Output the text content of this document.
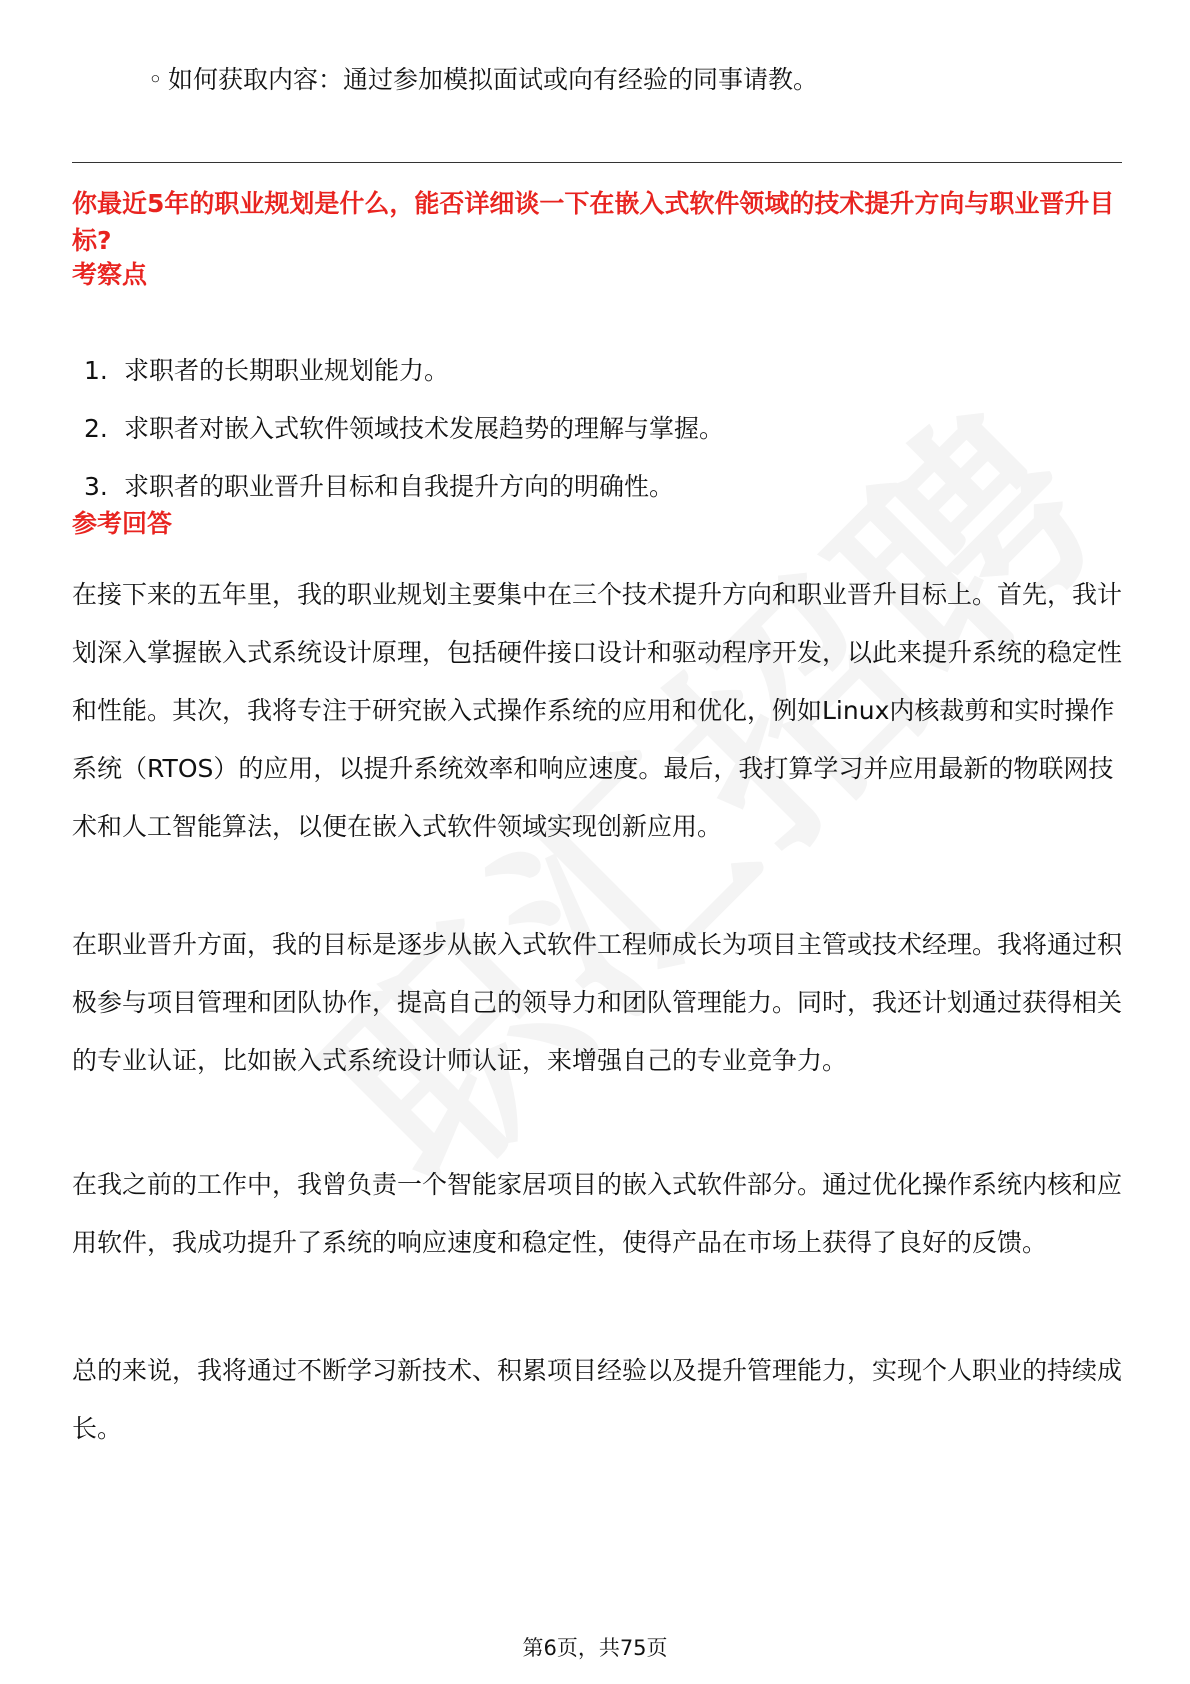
◦ 如何获取内容：通过参加模拟面试或向有经验的同事请教。
你最近5年的职业规划是什么，能否详细谈一下在嵌入式软件领域的技术提升方向与职业晋升目标?
考察点
1. 求职者的长期职业规划能力。
2. 求职者对嵌入式软件领域技术发展趋势的理解与掌握。
3. 求职者的职业晋升目标和自我提升方向的明确性。
参考回答

在接下来的五年里，我的职业规划主要集中在三个技术提升方向和职业晋升目标上。首先，我计划深入掌握嵌入式系统设计原理，包括硬件接口设计和驱动程序开发，以此来提升系统的稳定性和性能。其次，我将专注于研究嵌入式操作系统的应用和优化，例如Linux内核裁剪和实时操作系统（RTOS）的应用，以提升系统效率和响应速度。最后，我打算学习并应用最新的物联网技术和人工智能算法，以便在嵌入式软件领域实现创新应用。

在职业晋升方面，我的目标是逐步从嵌入式软件工程师成长为项目主管或技术经理。我将通过积极参与项目管理和团队协作，提高自己的领导力和团队管理能力。同时，我还计划通过获得相关的专业认证，比如嵌入式系统设计师认证，来增强自己的专业竞争力。

在我之前的工作中，我曾负责一个智能家居项目的嵌入式软件部分。通过优化操作系统内核和应用软件，我成功提升了系统的响应速度和稳定性，使得产品在市场上获得了良好的反馈。

总的来说，我将通过不断学习新技术、积累项目经验以及提升管理能力，实现个人职业的持续成长。

第6页，共75页
